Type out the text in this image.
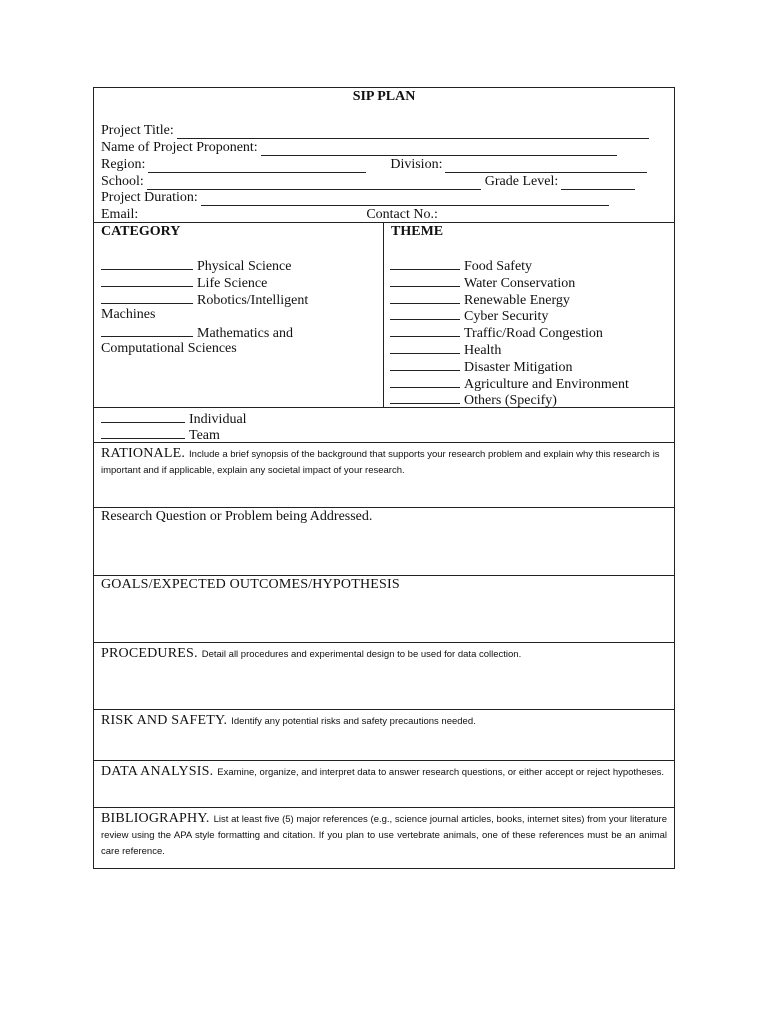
SIP PLAN
Project Title:
Name of Project Proponent:
Region:	Division:
School:	Grade Level:
Project Duration:
Email:	Contact No.:
CATEGORY
Physical Science
Life Science
Robotics/Intelligent
Machines
Mathematics and
Computational Sciences
THEME
Food Safety
Water Conservation
Renewable Energy
Cyber Security
Traffic/Road Congestion
Health
Disaster Mitigation
Agriculture and Environment
Others (Specify)
Individual
Team
RATIONALE. Include a brief synopsis of the background that supports your research problem and explain why this research is important and if applicable, explain any societal impact of your research.
Research Question or Problem being Addressed.
GOALS/EXPECTED OUTCOMES/HYPOTHESIS
PROCEDURES. Detail all procedures and experimental design to be used for data collection.
RISK AND SAFETY. Identify any potential risks and safety precautions needed.
DATA ANALYSIS. Examine, organize, and interpret data to answer research questions, or either accept or reject hypotheses.
BIBLIOGRAPHY. List at least five (5) major references (e.g., science journal articles, books, internet sites) from your literature review using the APA style formatting and citation. If you plan to use vertebrate animals, one of these references must be an animal care reference.
